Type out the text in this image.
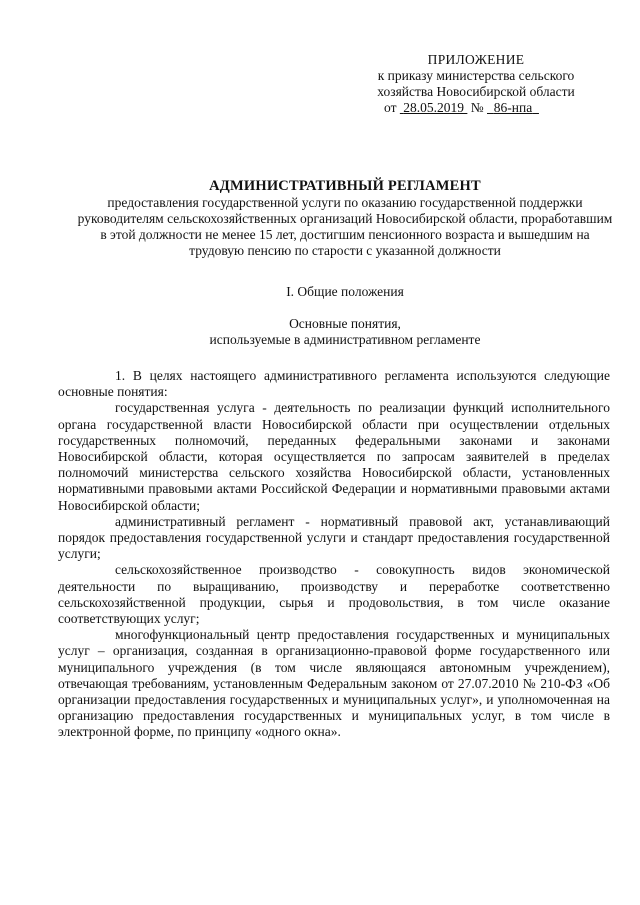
ПРИЛОЖЕНИЕ
к приказу министерства сельского
хозяйства Новосибирской области
от 28.05.2019 № 86-нпа
АДМИНИСТРАТИВНЫЙ РЕГЛАМЕНТ
предоставления государственной услуги по оказанию государственной поддержки руководителям сельскохозяйственных организаций Новосибирской области, проработавшим в этой должности не менее 15 лет, достигшим пенсионного возраста и вышедшим на трудовую пенсию по старости с указанной должности
I. Общие положения
Основные понятия,
используемые в административном регламенте

1. В целях настоящего административного регламента используются следующие основные понятия:

государственная услуга - деятельность по реализации функций исполнительного органа государственной власти Новосибирской области при осуществлении отдельных государственных полномочий, переданных федеральными законами и законами Новосибирской области, которая осуществляется по запросам заявителей в пределах полномочий министерства сельского хозяйства Новосибирской области, установленных нормативными правовыми актами Российской Федерации и нормативными правовыми актами Новосибирской области;

административный регламент - нормативный правовой акт, устанавливающий порядок предоставления государственной услуги и стандарт предоставления государственной услуги;

сельскохозяйственное производство - совокупность видов экономической деятельности по выращиванию, производству и переработке соответственно сельскохозяйственной продукции, сырья и продовольствия, в том числе оказание соответствующих услуг;

многофункциональный центр предоставления государственных и муниципальных услуг – организация, созданная в организационно-правовой форме государственного или муниципального учреждения (в том числе являющаяся автономным учреждением), отвечающая требованиям, установленным Федеральным законом от 27.07.2010 № 210-ФЗ «Об организации предоставления государственных и муниципальных услуг», и уполномоченная на организацию предоставления государственных и муниципальных услуг, в том числе в электронной форме, по принципу «одного окна».
